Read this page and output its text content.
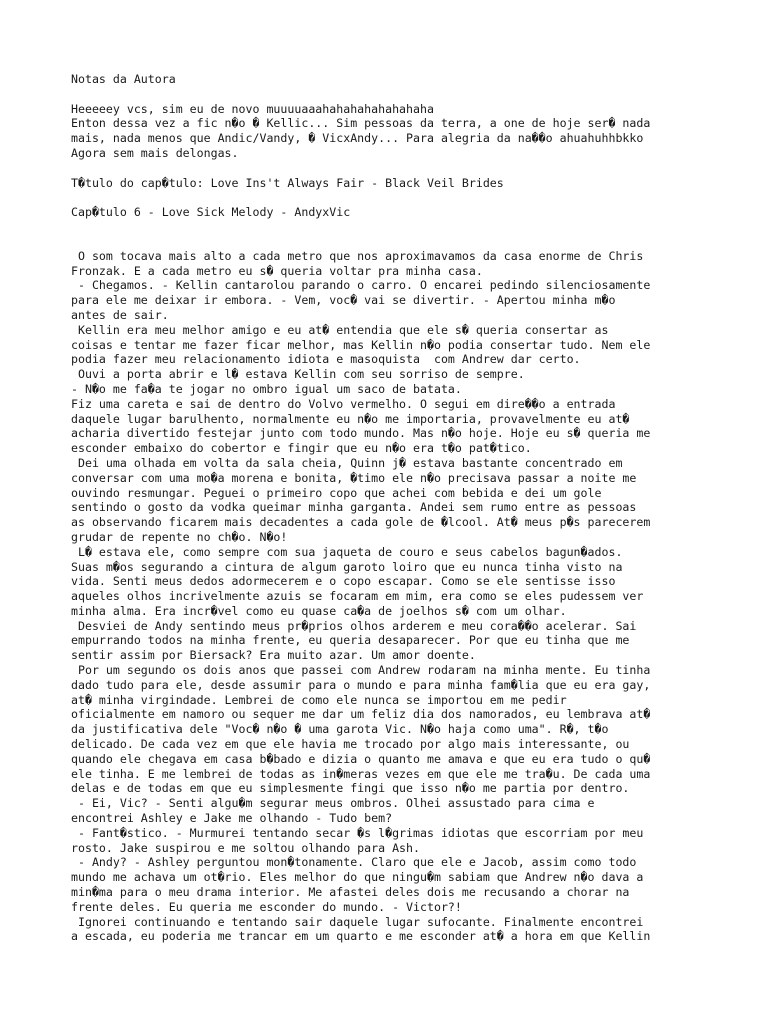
Notas da Autora
Heeeeey vcs, sim eu de novo muuuuaaahahahahahahahaha
Enton dessa vez a fic n�o � Kellic... Sim pessoas da terra, a one de hoje ser� nada
mais, nada menos que Andic/Vandy, � VicxAndy... Para alegria da na��o ahuahuhhbkko
Agora sem mais delongas.
T�tulo do cap�tulo: Love Ins't Always Fair - Black Veil Brides
Cap�tulo 6 - Love Sick Melody - AndyxVic
O som tocava mais alto a cada metro que nos aproximavamos da casa enorme de Chris
Fronzak. E a cada metro eu s� queria voltar pra minha casa.
- Chegamos. - Kellin cantarolou parando o carro. O encarei pedindo silenciosamente
para ele me deixar ir embora. - Vem, voc� vai se divertir. - Apertou minha m�o
antes de sair.
Kellin era meu melhor amigo e eu at� entendia que ele s� queria consertar as
coisas e tentar me fazer ficar melhor, mas Kellin n�o podia consertar tudo. Nem ele
podia fazer meu relacionamento idiota e masoquista  com Andrew dar certo.
Ouvi a porta abrir e l� estava Kellin com seu sorriso de sempre.
- N�o me fa�a te jogar no ombro igual um saco de batata.
Fiz uma careta e sai de dentro do Volvo vermelho. O segui em dire��o a entrada
daquele lugar barulhento, normalmente eu n�o me importaria, provavelmente eu at�
acharia divertido festejar junto com todo mundo. Mas n�o hoje. Hoje eu s� queria me
esconder embaixo do cobertor e fingir que eu n�o era t�o pat�tico.
Dei uma olhada em volta da sala cheia, Quinn j� estava bastante concentrado em
conversar com uma mo�a morena e bonita, �timo ele n�o precisava passar a noite me
ouvindo resmungar. Peguei o primeiro copo que achei com bebida e dei um gole
sentindo o gosto da vodka queimar minha garganta. Andei sem rumo entre as pessoas
as observando ficarem mais decadentes a cada gole de �lcool. At� meus p�s parecerem
grudar de repente no ch�o. N�o!
L� estava ele, como sempre com sua jaqueta de couro e seus cabelos bagun�ados.
Suas m�os segurando a cintura de algum garoto loiro que eu nunca tinha visto na
vida. Senti meus dedos adormecerem e o copo escapar. Como se ele sentisse isso
aqueles olhos incrivelmente azuis se focaram em mim, era como se eles pudessem ver
minha alma. Era incr�vel como eu quase ca�a de joelhos s� com um olhar.
Desviei de Andy sentindo meus pr�prios olhos arderem e meu cora��o acelerar. Sai
empurrando todos na minha frente, eu queria desaparecer. Por que eu tinha que me
sentir assim por Biersack? Era muito azar. Um amor doente.
Por um segundo os dois anos que passei com Andrew rodaram na minha mente. Eu tinha
dado tudo para ele, desde assumir para o mundo e para minha fam�lia que eu era gay,
at� minha virgindade. Lembrei de como ele nunca se importou em me pedir
oficialmente em namoro ou sequer me dar um feliz dia dos namorados, eu lembrava at�
da justificativa dele "Voc� n�o � uma garota Vic. N�o haja como uma". R�, t�o
delicado. De cada vez em que ele havia me trocado por algo mais interessante, ou
quando ele chegava em casa b�bado e dizia o quanto me amava e que eu era tudo o qu�
ele tinha. E me lembrei de todas as in�meras vezes em que ele me tra�u. De cada uma
delas e de todas em que eu simplesmente fingi que isso n�o me partia por dentro.
- Ei, Vic? - Senti algu�m segurar meus ombros. Olhei assustado para cima e
encontrei Ashley e Jake me olhando - Tudo bem?
- Fant�stico. - Murmurei tentando secar �s l�grimas idiotas que escorriam por meu
rosto. Jake suspirou e me soltou olhando para Ash.
- Andy? - Ashley perguntou mon�tonamente. Claro que ele e Jacob, assim como todo
mundo me achava um ot�rio. Eles melhor do que ningu�m sabiam que Andrew n�o dava a
min�ma para o meu drama interior. Me afastei deles dois me recusando a chorar na
frente deles. Eu queria me esconder do mundo. - Victor?!
Ignorei continuando e tentando sair daquele lugar sufocante. Finalmente encontrei
a escada, eu poderia me trancar em um quarto e me esconder at� a hora em que Kellin
